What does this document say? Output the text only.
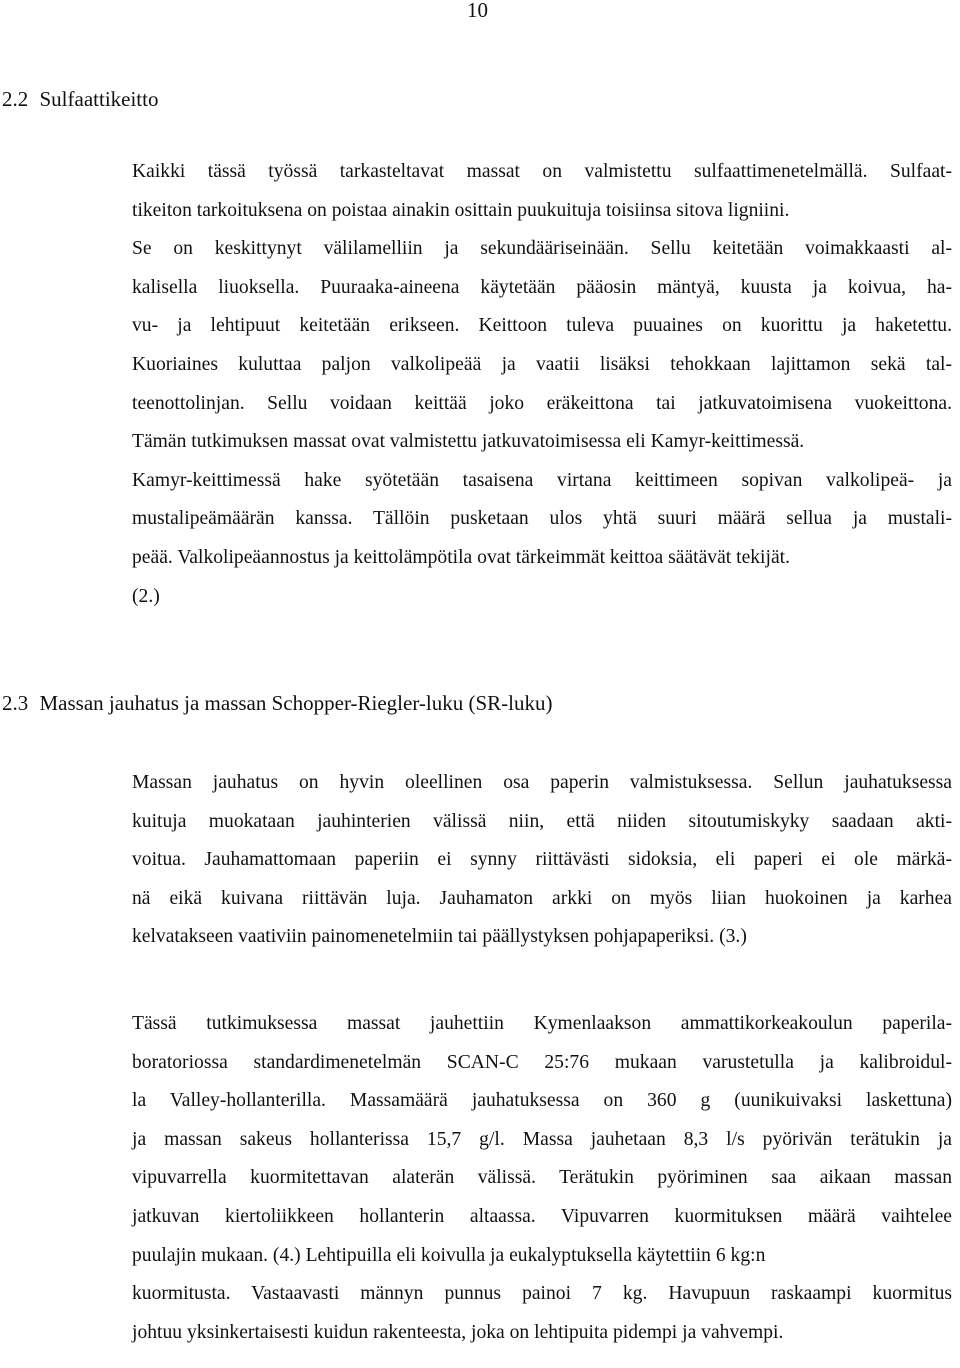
10
2.2 Sulfaattikeitto
Kaikki tässä työssä tarkasteltavat massat on valmistettu sulfaattimenetelmällä. Sulfaat-
tikeiton tarkoituksena on poistaa ainakin osittain puukuituja toisiinsa sitova ligniini.
Se on keskittynyt välilamelliin ja sekundääriseinään. Sellu keitetään voimakkaasti al-
kalisella liuoksella. Puuraaka-aineena käytetään pääosin mäntyä, kuusta ja koivua, ha-
vu- ja lehtipuut keitetään erikseen. Keittoon tuleva puuaines on kuorittu ja haketettu.
Kuoriaines kuluttaa paljon valkolipeää ja vaatii lisäksi tehokkaan lajittamon sekä tal-
teenottolinjan. Sellu voidaan keittää joko eräkeittona tai jatkuvatoimisena vuokeittona.
Tämän tutkimuksen massat ovat valmistettu jatkuvatoimisessa eli Kamyr-keittimessä.
Kamyr-keittimessä hake syötetään tasaisena virtana keittimeen sopivan valkolipeä- ja
mustalipeämäärän kanssa. Tällöin pusketaan ulos yhtä suuri määrä sellua ja mustali-
peää. Valkolipeäannostus ja keittolämpötila ovat tärkeimmät keittoa säätävät tekijät.
(2.)
2.3 Massan jauhatus ja massan Schopper-Riegler-luku (SR-luku)
Massan jauhatus on hyvin oleellinen osa paperin valmistuksessa. Sellun jauhatuksessa
kuituja muokataan jauhinterien välissä niin, että niiden sitoutumiskyky saadaan akti-
voitua. Jauhamattomaan paperiin ei synny riittävästi sidoksia, eli paperi ei ole märkä-
nä eikä kuivana riittävän luja. Jauhamaton arkki on myös liian huokoinen ja karhea
kelvatakseen vaativiin painomenetelmiin tai päällystyksen pohjapaperiksi. (3.)
Tässä tutkimuksessa massat jauhettiin Kymenlaakson ammattikorkeakoulun paperila-
boratoriossa standardimenetelmän SCAN-C 25:76 mukaan varustetulla ja kalibroidul-
la Valley-hollanterilla. Massamäärä jauhatuksessa on 360 g (uunikuivaksi laskettuna)
ja massan sakeus hollanterissa 15,7 g/l. Massa jauhetaan 8,3 l/s pyörivän terätukin ja
vipuvarrella kuormitettavan alaterän välissä. Terätukin pyöriminen saa aikaan massan
jatkuvan kiertoliikkeen hollanterin altaassa. Vipuvarren kuormituksen määrä vaihtelee
puulajin mukaan. (4.) Lehtipuilla eli koivulla ja eukalyptuksella käytettiin 6 kg:n
kuormitusta. Vastaavasti männyn punnus painoi 7 kg. Havupuun raskaampi kuormitus
johtuu yksinkertaisesti kuidun rakenteesta, joka on lehtipuita pidempi ja vahvempi.
